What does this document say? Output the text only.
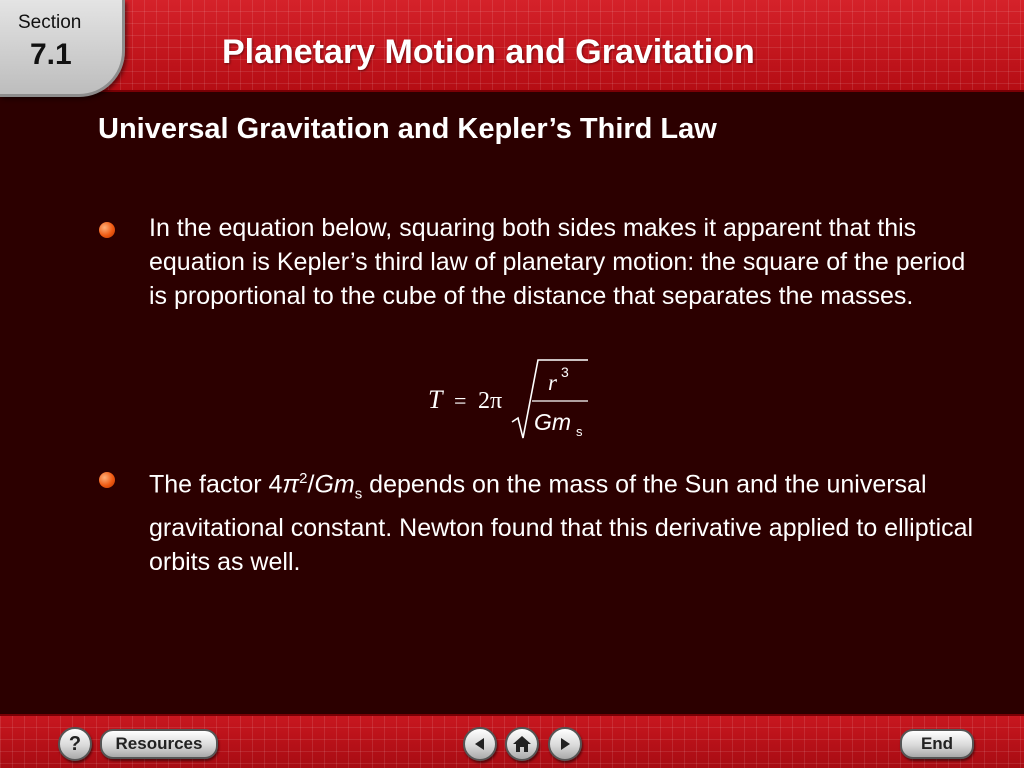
Planetary Motion and Gravitation
Section
7.1
Universal Gravitation and Kepler’s Third Law
In the equation below, squaring both sides makes it apparent that this equation is Kepler’s third law of planetary motion: the square of the period is proportional to the cube of the distance that separates the masses.
T = 2π
r 3
Gm s
The factor $4\pi^2/Gm_s$ depends on the mass of the Sun and the universal gravitational constant. Newton found that this derivative applied to elliptical orbits as well.
?	Resources	End
